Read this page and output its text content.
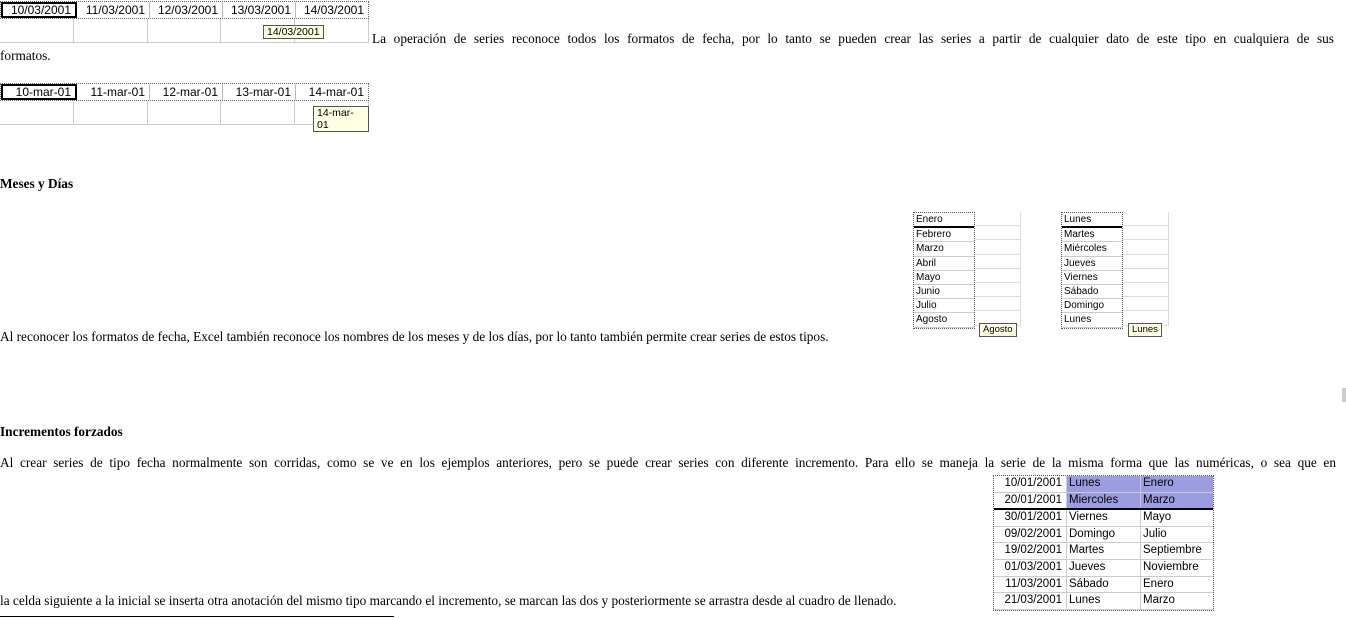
10/03/2001	11/03/2001	12/03/2001	13/03/2001	14/03/2001
14/03/2001	La operación de series reconoce todos los formatos de fecha, por lo tanto se pueden crear las series a partir de cualquier dato de este tipo en cualquiera de sus
formatos.
10-mar-01	11-mar-01	12-mar-01	13-mar-01	14-mar-01
14-mar-01
Meses y Días
Enero
Febrero
Marzo
Abril
Mayo
Junio
Julio
Agosto
Agosto
Lunes
Martes
Miércoles
Jueves
Viernes
Sábado
Domingo
Lunes
Lunes
Al reconocer los formatos de fecha, Excel también reconoce los nombres de los meses y de los días, por lo tanto también permite crear series de estos tipos.
Incrementos forzados
Al crear series de tipo fecha normalmente son corridas, como se ve en los ejemplos anteriores, pero se puede crear series con diferente incremento. Para ello se maneja la serie de la misma forma que las numéricas, o sea que en
10/01/2001 Lunes	Enero
20/01/2001 Miercoles	Marzo
30/01/2001 Viernes	Mayo
09/02/2001 Domingo	Julio
19/02/2001 Martes	Septiembre
01/03/2001 Jueves	Noviembre
11/03/2001 Sábado	Enero
21/03/2001 Lunes	Marzo
la celda siguiente a la inicial se inserta otra anotación del mismo tipo marcando el incremento, se marcan las dos y posteriormente se arrastra desde al cuadro de llenado.
